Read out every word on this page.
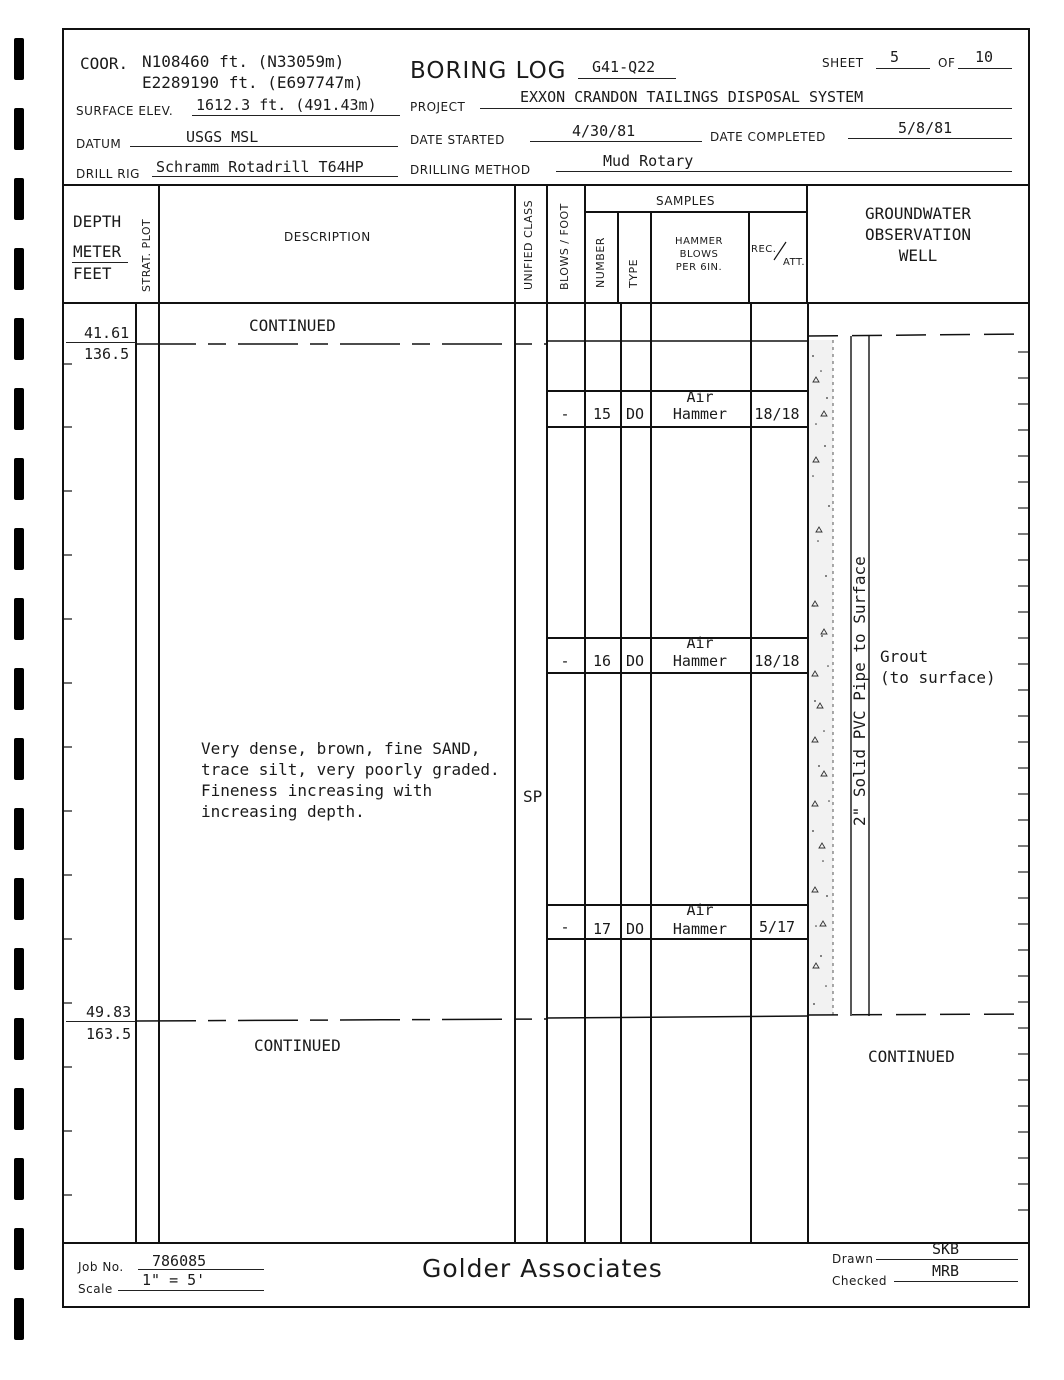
COOR. N108460 ft. (N33059m)
E2289190 ft. (E697747m) BORING LOG G41-Q22	SHEET 5	OF 10
SURFACE ELEV. 1612.3 ft. (491.43m)	PROJECT
EXXON CRANDON TAILINGS DISPOSAL SYSTEM
DATUM	USGS MSL	DATE STARTED	4/30/81	DATE COMPLETED	5/8/81
DRILL RIG Schramm Rotadrill T64HP	DRILLING METHOD	Mud Rotary
DEPTH
METER
FEET	STRAT. PLOT	DESCRIPTION	UNIFIED CLASS BLOWS / FOOT
SAMPLES
NUMBER TYPE
HAMMER
BLOWS
PER 6IN.
REC.
ATT.
GROUNDWATER
OBSERVATION
WELL
41.61
136.5
CONTINUED
Very dense, brown, fine SAND,
trace silt, very poorly graded.
Fineness increasing with
increasing depth.
SP
-	15 DO
Air
Hammer	18/18
-	16 DO
Air
Hammer	18/18
-	17 DO
Air
Hammer	5/17
2" Solid PVC Pipe to Surface Grout
(to surface)
49.83
163.5
CONTINUED
CONTINUED
Job No. 786085
Scale 1" = 5'	Golder Associates	Drawn
SKB
Checked
MRB
